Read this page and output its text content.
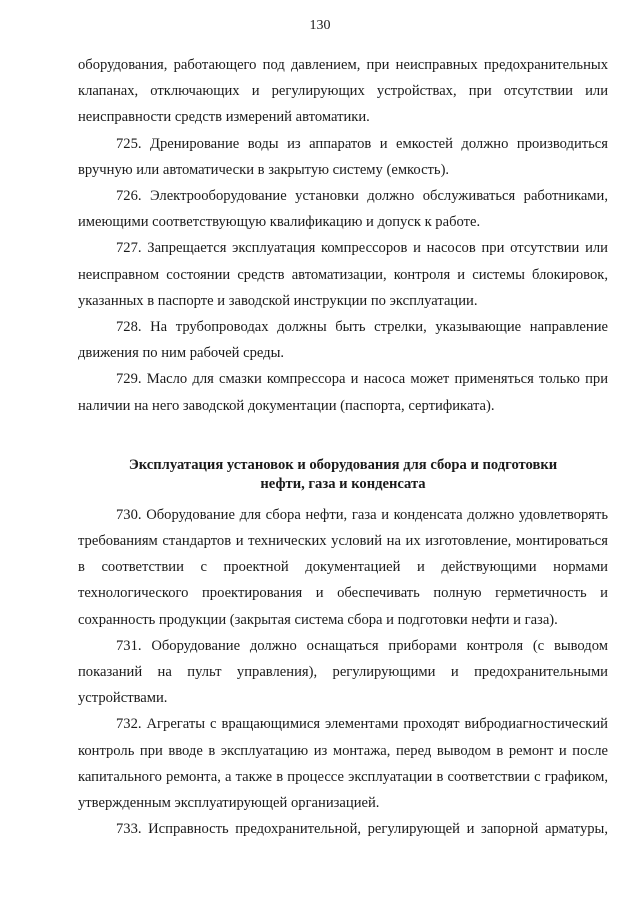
130

оборудования, работающего под давлением, при неисправных предохранительных клапанах, отключающих и регулирующих устройствах, при отсутствии или неисправности средств измерений автоматики.

725. Дренирование воды из аппаратов и емкостей должно производиться вручную или автоматически в закрытую систему (емкость).

726. Электрооборудование установки должно обслуживаться работниками, имеющими соответствующую квалификацию и допуск к работе.

727. Запрещается эксплуатация компрессоров и насосов при отсутствии или неисправном состоянии средств автоматизации, контроля и системы блокировок, указанных в паспорте и заводской инструкции по эксплуатации.

728. На трубопроводах должны быть стрелки, указывающие направление движения по ним рабочей среды.

729. Масло для смазки компрессора и насоса может применяться только при наличии на него заводской документации (паспорта, сертификата).

Эксплуатация установок и оборудования для сбора и подготовки
нефти, газа и конденсата

730. Оборудование для сбора нефти, газа и конденсата должно удовлетворять требованиям стандартов и технических условий на их изготовление, монтироваться в соответствии с проектной документацией и действующими нормами технологического проектирования и обеспечивать полную герметичность и сохранность продукции (закрытая система сбора и подготовки нефти и газа).

731. Оборудование должно оснащаться приборами контроля (с выводом показаний на пульт управления), регулирующими и предохранительными устройствами.

732. Агрегаты с вращающимися элементами проходят вибродиагностический контроль при вводе в эксплуатацию из монтажа, перед выводом в ремонт и после капитального ремонта, а также в процессе эксплуатации в соответствии с графиком, утвержденным эксплуатирующей организацией.

733. Исправность предохранительной, регулирующей и запорной арматуры,
